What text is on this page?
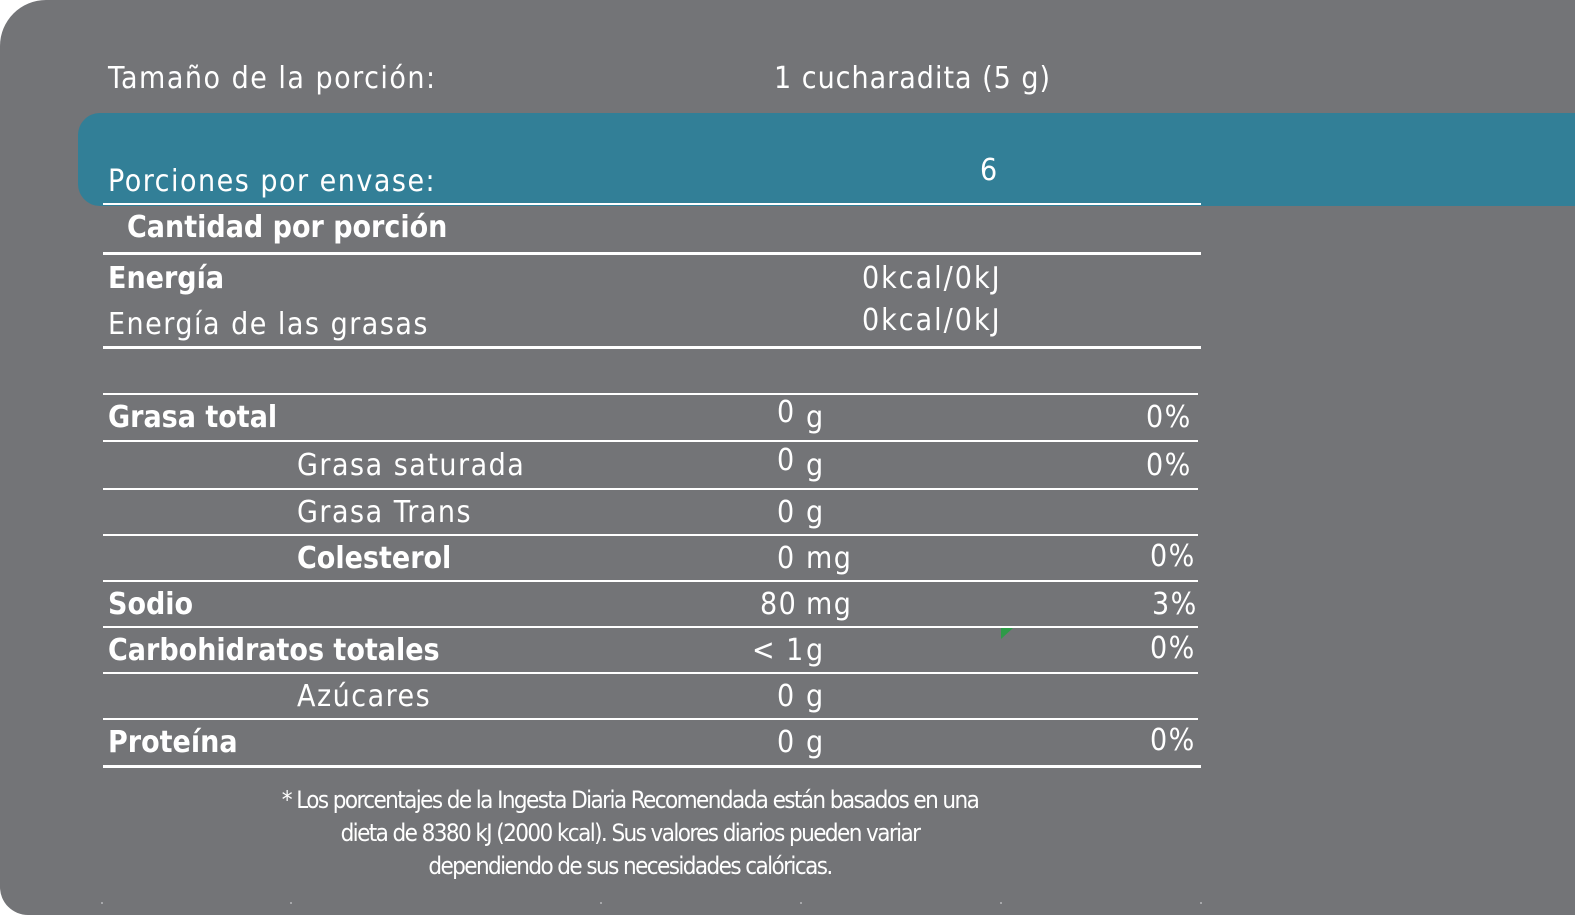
Tamaño de la porción:	1 cucharadita (5 g)
Porciones por envase:	6
Cantidad por porción
Energía	0kcal/0kJ
Energía de las grasas	0kcal/0kJ
Grasa total	0 g	0%
Grasa saturada	0 g	0%
Grasa Trans	0 g
Colesterol	0 mg	0%
Sodio	80 mg	3%
Carbohidratos totales	< 1 g	0%
Azúcares	0 g
Proteína	0 g	0%
* Los porcentajes de la Ingesta Diaria Recomendada están basados en una
dieta de 8380 kJ (2000 kcal). Sus valores diarios pueden variar
dependiendo de sus necesidades calóricas.
